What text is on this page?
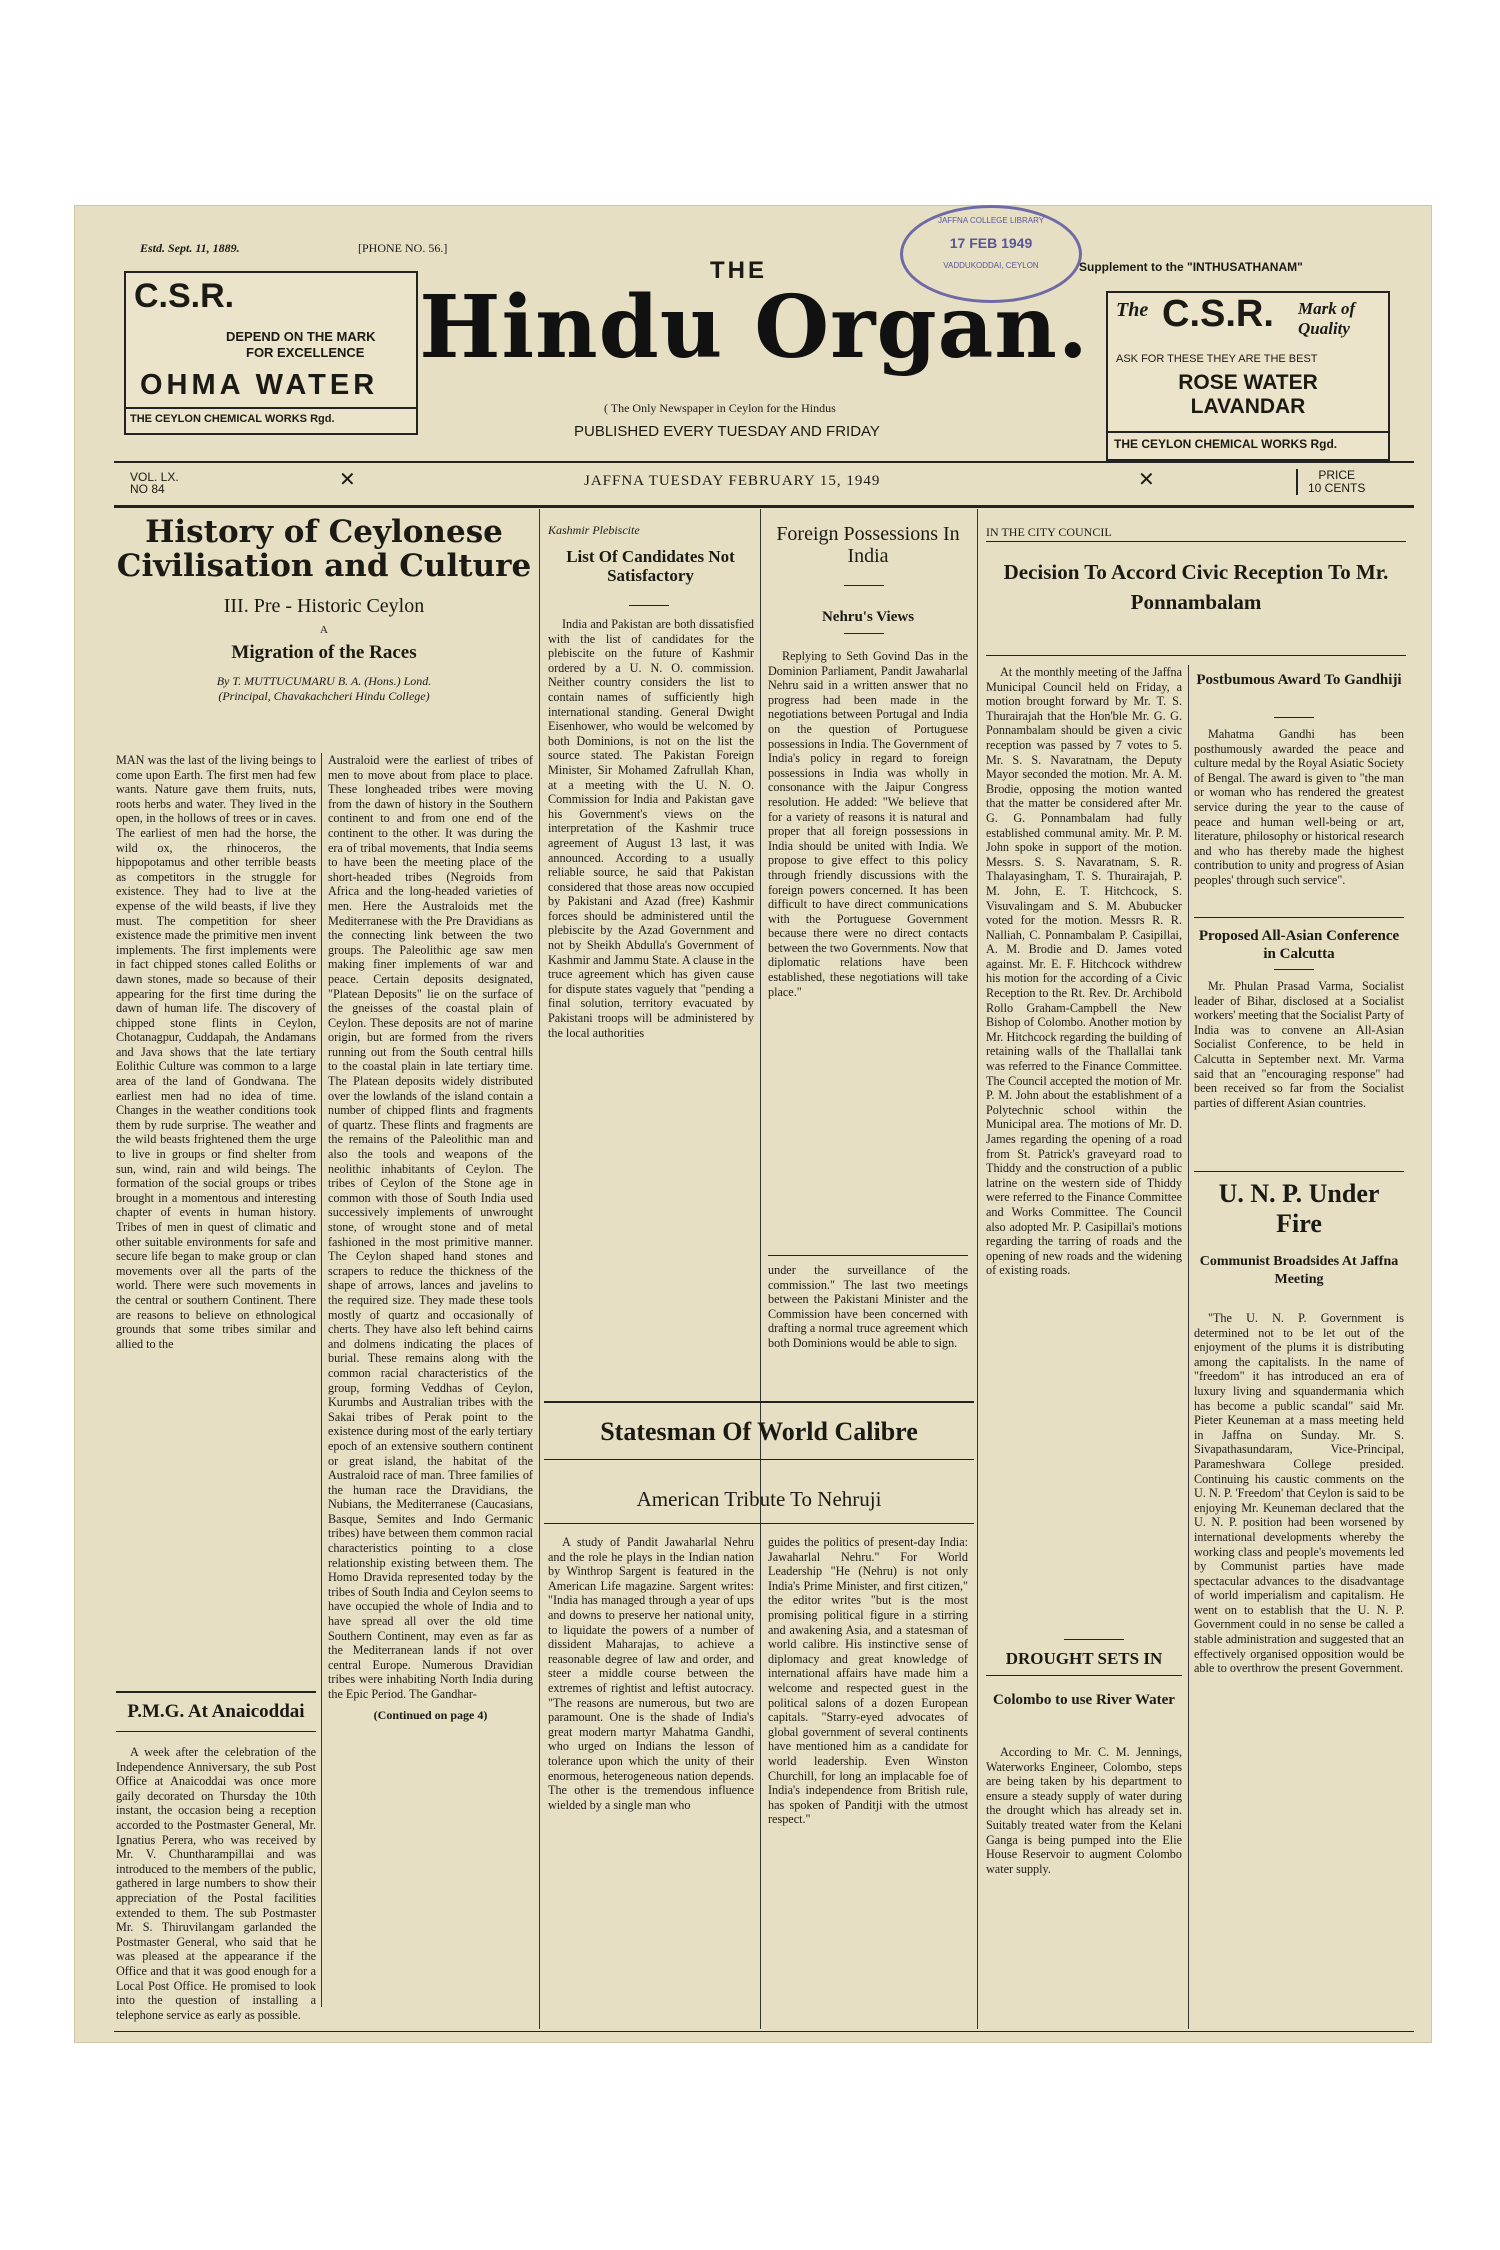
Estd. Sept. 11, 1889.	[PHONE NO. 56.]
JAFFNA COLLEGE LIBRARY
17 FEB 1949
VADDUKODDAI, CEYLON	Supplement to the "INTHUSATHANAM"
C.S.R.
DEPEND ON THE MARK
FOR EXCELLENCE
OHMA WATER
THE CEYLON CHEMICAL WORKS Rgd.
THE
Hindu Organ.
( The Only Newspaper in Ceylon for the Hindus
PUBLISHED EVERY TUESDAY AND FRIDAY
The C.S.R. Mark of
Quality
ASK FOR THESE THEY ARE THE BEST
ROSE WATER
LAVANDAR
THE CEYLON CHEMICAL WORKS Rgd.
VOL. LX.
NO 84	✕	JAFFNA TUESDAY FEBRUARY 15, 1949	✕	PRICE
10 CENTS
History of Ceylonese
Civilisation and Culture
III. Pre - Historic Ceylon
A
Migration of the Races
By T. MUTTUCUMARU B. A. (Hons.) Lond.
(Principal, Chavakachcheri Hindu College)

MAN was the last of the living beings to come upon Earth. The first men had few wants. Nature gave them fruits, nuts, roots herbs and water. They lived in the open, in the hollows of trees or in caves. The earliest of men had the horse, the wild ox, the rhinoceros, the hippopotamus and other terrible beasts as competitors in the struggle for existence. They had to live at the expense of the wild beasts, if live they must. The competition for sheer existence made the primitive men invent implements. The first implements were in fact chipped stones called Eoliths or dawn stones, made so because of their appearing for the first time during the dawn of human life. The discovery of chipped stone flints in Ceylon, Chotanagpur, Cuddapah, the Andamans and Java shows that the late tertiary Eolithic Culture was common to a large area of the land of Gondwana. The earliest men had no idea of time. Changes in the weather conditions took them by rude surprise. The weather and the wild beasts frightened them the urge to live in groups or find shelter from sun, wind, rain and wild beings. The formation of the social groups or tribes brought in a momentous and interesting chapter of events in human history. Tribes of men in quest of climatic and other suitable environments for safe and secure life began to make group or clan movements over all the parts of the world. There were such movements in the central or southern Continent. There are reasons to believe on ethnological grounds that some tribes similar and allied to the

Australoid were the earliest of tribes of men to move about from place to place. These longheaded tribes were moving from the dawn of history in the Southern continent to and from one end of the continent to the other. It was during the era of tribal movements, that India seems to have been the meeting place of the short-headed tribes (Negroids from Africa and the long-headed varieties of men. Here the Australoids met the Mediterranese with the Pre Dravidians as the connecting link between the two groups. The Paleolithic age saw men making finer implements of war and peace. Certain deposits designated, "Platean Deposits" lie on the surface of the gneisses of the coastal plain of Ceylon. These deposits are not of marine origin, but are formed from the rivers running out from the South central hills to the coastal plain in late tertiary time. The Platean deposits widely distributed over the lowlands of the island contain a number of chipped flints and fragments of quartz. These flints and fragments are the remains of the Paleolithic man and also the tools and weapons of the neolithic inhabitants of Ceylon. The tribes of Ceylon of the Stone age in common with those of South India used successively implements of unwrought stone, of wrought stone and of metal fashioned in the most primitive manner. The Ceylon shaped hand stones and scrapers to reduce the thickness of the shape of arrows, lances and javelins to the required size. They made these tools mostly of quartz and occasionally of cherts. They have also left behind cairns and dolmens indicating the places of burial. These remains along with the common racial characteristics of the group, forming Veddhas of Ceylon, Kurumbs and Australian tribes with the Sakai tribes of Perak point to the existence during most of the early tertiary epoch of an extensive southern continent or great island, the habitat of the Australoid race of man. Three families of the human race the Dravidians, the Nubians, the Mediterranese (Caucasians, Basque, Semites and Indo Germanic tribes) have between them common racial characteristics pointing to a close relationship existing between them. The Homo Dravida represented today by the tribes of South India and Ceylon seems to have occupied the whole of India and to have spread all over the old time Southern Continent, may even as far as the Mediterranean lands if not over central Europe. Numerous Dravidian tribes were inhabiting North India during the Epic Period. The Gandhar-

(Continued on page 4)
P.M.G. At Anaicoddai

A week after the celebration of the Independence Anniversary, the sub Post Office at Anaicoddai was once more gaily decorated on Thursday the 10th instant, the occasion being a reception accorded to the Postmaster General, Mr. Ignatius Perera, who was received by Mr. V. Chuntharampillai and was introduced to the members of the public, gathered in large numbers to show their appreciation of the Postal facilities extended to them. The sub Postmaster Mr. S. Thiruvilangam garlanded the Postmaster General, who said that he was pleased at the appearance if the Office and that it was good enough for a Local Post Office. He promised to look into the question of installing a telephone service as early as possible.

Kashmir Plebiscite
List Of Candidates Not Satisfactory

India and Pakistan are both dissatisfied with the list of candidates for the plebiscite on the future of Kashmir ordered by a U. N. O. commission. Neither country considers the list to contain names of sufficiently high international standing. General Dwight Eisenhower, who would be welcomed by both Dominions, is not on the list the source stated. The Pakistan Foreign Minister, Sir Mohamed Zafrullah Khan, at a meeting with the U. N. O. Commission for India and Pakistan gave his Government's views on the interpretation of the Kashmir truce agreement of August 13 last, it was announced. According to a usually reliable source, he said that Pakistan considered that those areas now occupied by Pakistani and Azad (free) Kashmir forces should be administered until the plebiscite by the Azad Government and not by Sheikh Abdulla's Government of Kashmir and Jammu State. A clause in the truce agreement which has given cause for dispute states vaguely that "pending a final solution, territory evacuated by Pakistani troops will be administered by the local authorities

Foreign Possessions In India
Nehru's Views

Replying to Seth Govind Das in the Dominion Parliament, Pandit Jawaharlal Nehru said in a written answer that no progress had been made in the negotiations between Portugal and India on the question of Portuguese possessions in India. The Government of India's policy in regard to foreign possessions in India was wholly in consonance with the Jaipur Congress resolution. He added: "We believe that for a variety of reasons it is natural and proper that all foreign possessions in India should be united with India. We propose to give effect to this policy through friendly discussions with the foreign powers concerned. It has been difficult to have direct communications with the Portuguese Government because there were no direct contacts between the two Governments. Now that diplomatic relations have been established, these negotiations will take place."

under the surveillance of the commission." The last two meetings between the Pakistani Minister and the Commission have been concerned with drafting a normal truce agreement which both Dominions would be able to sign.

Statesman Of World Calibre
American Tribute To Nehruji

A study of Pandit Jawaharlal Nehru and the role he plays in the Indian nation by Winthrop Sargent is featured in the American Life magazine. Sargent writes: "India has managed through a year of ups and downs to preserve her national unity, to liquidate the powers of a number of dissident Maharajas, to achieve a reasonable degree of law and order, and steer a middle course between the extremes of rightist and leftist autocracy. "The reasons are numerous, but two are paramount. One is the shade of India's great modern martyr Mahatma Gandhi, who urged on Indians the lesson of tolerance upon which the unity of their enormous, heterogeneous nation depends. The other is the tremendous influence wielded by a single man who

guides the politics of present-day India: Jawaharlal Nehru." For World Leadership "He (Nehru) is not only India's Prime Minister, and first citizen," the editor writes "but is the most promising political figure in a stirring and awakening Asia, and a statesman of world calibre. His instinctive sense of diplomacy and great knowledge of international affairs have made him a welcome and respected guest in the political salons of a dozen European capitals. "Starry-eyed advocates of global government of several continents have mentioned him as a candidate for world leadership. Even Winston Churchill, for long an implacable foe of India's independence from British rule, has spoken of Panditji with the utmost respect."

IN THE CITY COUNCIL
Decision To Accord Civic Reception To Mr. Ponnambalam

At the monthly meeting of the Jaffna Municipal Council held on Friday, a motion brought forward by Mr. T. S. Thurairajah that the Hon'ble Mr. G. G. Ponnambalam should be given a civic reception was passed by 7 votes to 5. Mr. S. S. Navaratnam, the Deputy Mayor seconded the motion. Mr. A. M. Brodie, opposing the motion wanted that the matter be considered after Mr. G. G. Ponnambalam had fully established communal amity. Mr. P. M. John spoke in support of the motion. Messrs. S. S. Navaratnam, S. R. Thalayasingham, T. S. Thurairajah, P. M. John, E. T. Hitchcock, S. Visuvalingam and S. M. Abubucker voted for the motion. Messrs R. R. Nalliah, C. Ponnambalam P. Casipillai, A. M. Brodie and D. James voted against. Mr. E. F. Hitchcock withdrew his motion for the according of a Civic Reception to the Rt. Rev. Dr. Archibold Rollo Graham-Campbell the New Bishop of Colombo. Another motion by Mr. Hitchcock regarding the building of retaining walls of the Thallallai tank was referred to the Finance Committee. The Council accepted the motion of Mr. P. M. John about the establishment of a Polytechnic school within the Municipal area. The motions of Mr. D. James regarding the opening of a road from St. Patrick's graveyard road to Thiddy and the construction of a public latrine on the western side of Thiddy were referred to the Finance Committee and Works Committee. The Council also adopted Mr. P. Casipillai's motions regarding the tarring of roads and the opening of new roads and the widening of existing roads.

DROUGHT SETS IN
Colombo to use River Water

According to Mr. C. M. Jennings, Waterworks Engineer, Colombo, steps are being taken by his department to ensure a steady supply of water during the drought which has already set in. Suitably treated water from the Kelani Ganga is being pumped into the Elie House Reservoir to augment Colombo water supply.

Postbumous Award To Gandhiji

Mahatma Gandhi has been posthumously awarded the peace and culture medal by the Royal Asiatic Society of Bengal. The award is given to "the man or woman who has rendered the greatest service during the year to the cause of peace and human well-being or art, literature, philosophy or historical research and who has thereby made the highest contribution to unity and progress of Asian peoples' through such service".

Proposed All-Asian Conference in Calcutta

Mr. Phulan Prasad Varma, Socialist leader of Bihar, disclosed at a Socialist workers' meeting that the Socialist Party of India was to convene an All-Asian Socialist Conference, to be held in Calcutta in September next. Mr. Varma said that an "encouraging response" had been received so far from the Socialist parties of different Asian countries.

U. N. P. Under Fire
Communist Broadsides At Jaffna Meeting

"The U. N. P. Government is determined not to be let out of the enjoyment of the plums it is distributing among the capitalists. In the name of "freedom" it has introduced an era of luxury living and squandermania which has become a public scandal" said Mr. Pieter Keuneman at a mass meeting held in Jaffna on Sunday. Mr. S. Sivapathasundaram, Vice-Principal, Parameshwara College presided. Continuing his caustic comments on the U. N. P. 'Freedom' that Ceylon is said to be enjoying Mr. Keuneman declared that the U. N. P. position had been worsened by international developments whereby the working class and people's movements led by Communist parties have made spectacular advances to the disadvantage of world imperialism and capitalism. He went on to establish that the U. N. P. Government could in no sense be called a stable administration and suggested that an effectively organised opposition would be able to overthrow the present Government.
